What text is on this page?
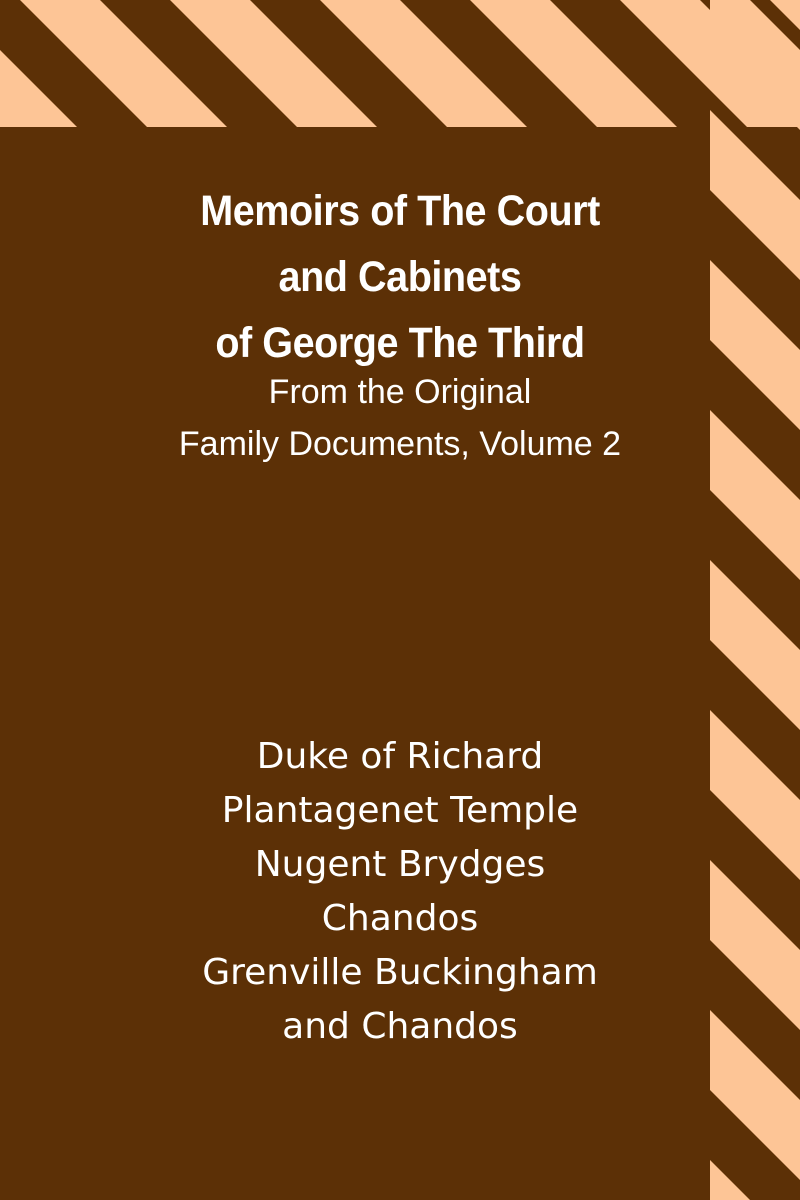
Memoirs of The Court
and Cabinets
of George The Third
From the Original
Family Documents, Volume 2
Duke of Richard
Plantagenet Temple
Nugent Brydges
Chandos
Grenville Buckingham
and Chandos
